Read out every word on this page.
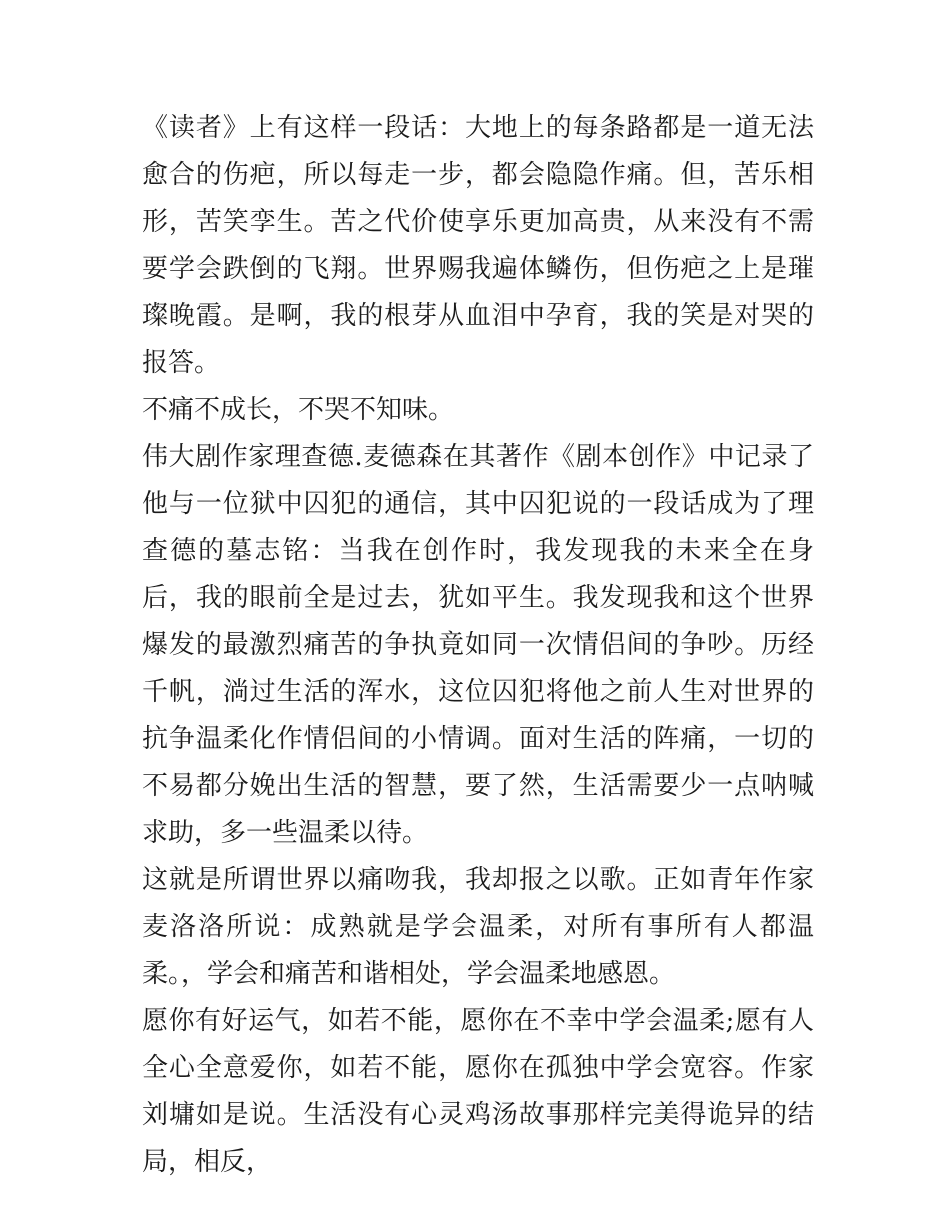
《读者》上有这样一段话：大地上的每条路都是一道无法愈合的伤疤，所以每走一步，都会隐隐作痛。但，苦乐相形，苦笑孪生。苦之代价使享乐更加高贵，从来没有不需要学会跌倒的飞翔。世界赐我遍体鳞伤，但伤疤之上是璀璨晚霞。是啊，我的根芽从血泪中孕育，我的笑是对哭的报答。

不痛不成长，不哭不知味。

伟大剧作家理查德.麦德森在其著作《剧本创作》中记录了他与一位狱中囚犯的通信，其中囚犯说的一段话成为了理查德的墓志铭：当我在创作时，我发现我的未来全在身后，我的眼前全是过去，犹如平生。我发现我和这个世界爆发的最激烈痛苦的争执竟如同一次情侣间的争吵。历经千帆，淌过生活的浑水，这位囚犯将他之前人生对世界的抗争温柔化作情侣间的小情调。面对生活的阵痛，一切的不易都分娩出生活的智慧，要了然，生活需要少一点呐喊求助，多一些温柔以待。

这就是所谓世界以痛吻我，我却报之以歌。正如青年作家麦洛洛所说：成熟就是学会温柔，对所有事所有人都温柔。，学会和痛苦和谐相处，学会温柔地感恩。

愿你有好运气，如若不能，愿你在不幸中学会温柔;愿有人全心全意爱你，如若不能，愿你在孤独中学会宽容。作家刘墉如是说。生活没有心灵鸡汤故事那样完美得诡异的结局，相反，
